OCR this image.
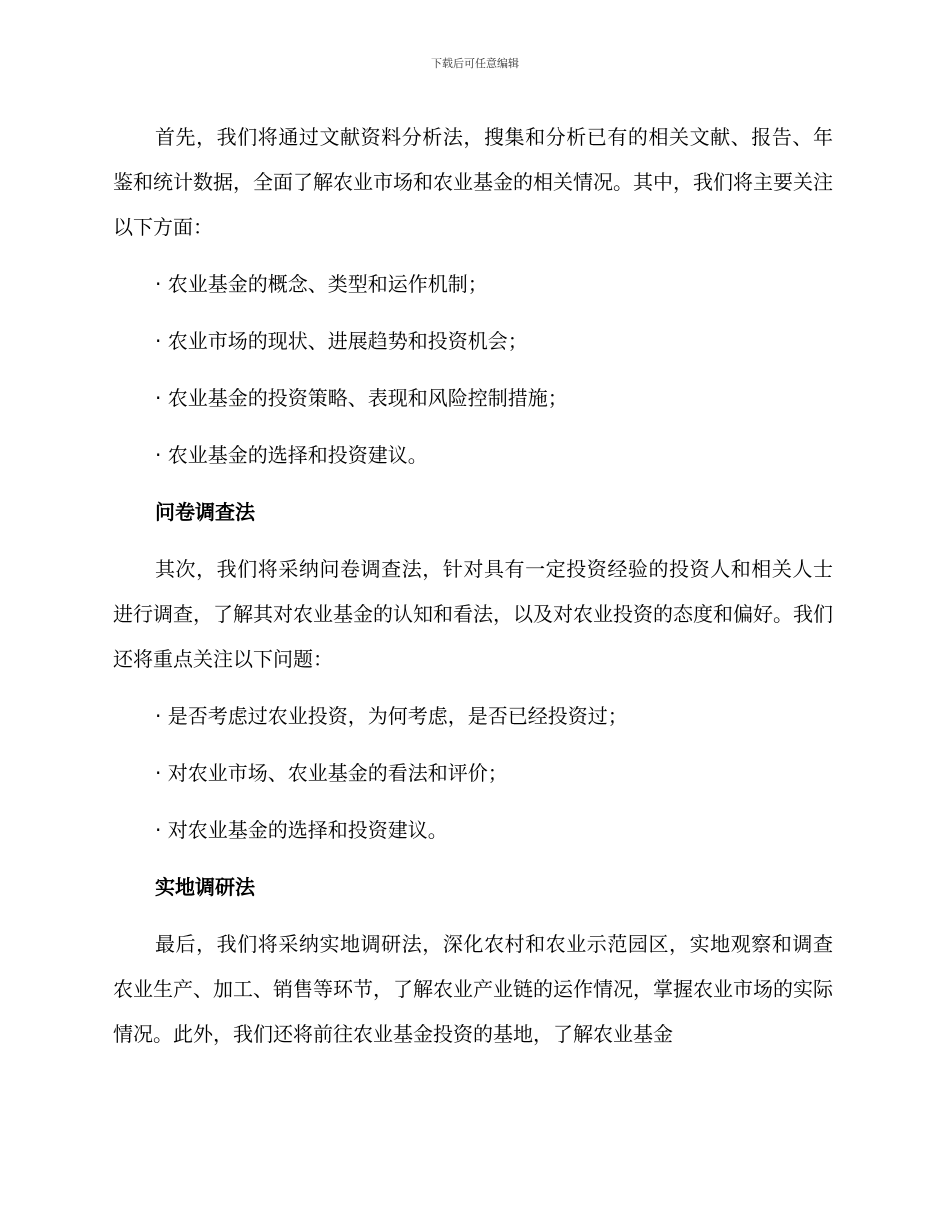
下载后可任意编辑

首先，我们将通过文献资料分析法，搜集和分析已有的相关文献、报告、年鉴和统计数据，全面了解农业市场和农业基金的相关情况。其中，我们将主要关注以下方面：

· 农业基金的概念、类型和运作机制；
· 农业市场的现状、进展趋势和投资机会；
· 农业基金的投资策略、表现和风险控制措施；
· 农业基金的选择和投资建议。
问卷调查法

其次，我们将采纳问卷调查法，针对具有一定投资经验的投资人和相关人士进行调查，了解其对农业基金的认知和看法，以及对农业投资的态度和偏好。我们还将重点关注以下问题：

· 是否考虑过农业投资，为何考虑，是否已经投资过；
· 对农业市场、农业基金的看法和评价；
· 对农业基金的选择和投资建议。
实地调研法

最后，我们将采纳实地调研法，深化农村和农业示范园区，实地观察和调查农业生产、加工、销售等环节，了解农业产业链的运作情况，掌握农业市场的实际情况。此外，我们还将前往农业基金投资的基地，了解农业基金
